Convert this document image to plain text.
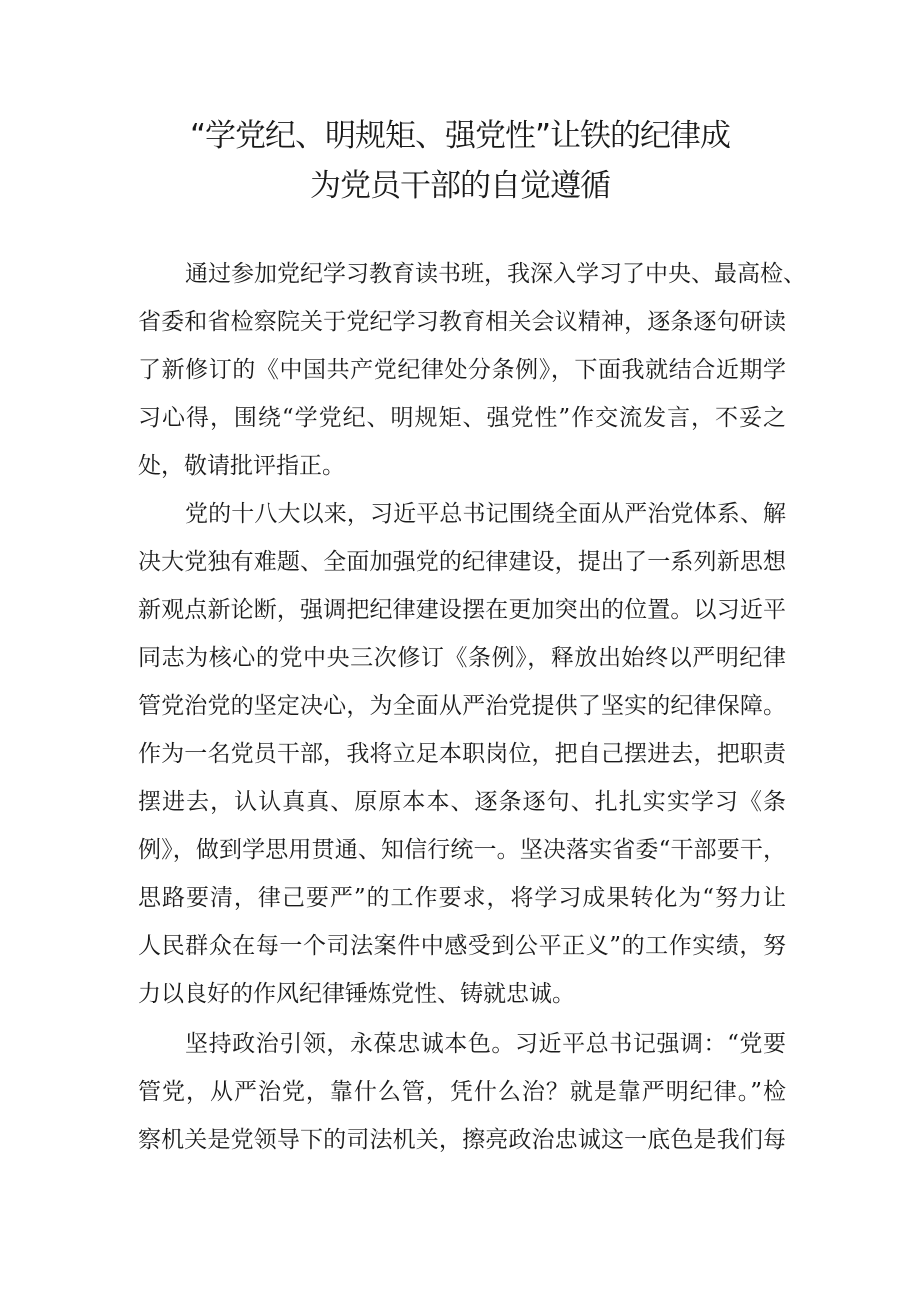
“学党纪、明规矩、强党性”让铁的纪律成
为党员干部的自觉遵循
通过参加党纪学习教育读书班，我深入学习了中央、最高检、
省委和省检察院关于党纪学习教育相关会议精神，逐条逐句研读
了新修订的《中国共产党纪律处分条例》，下面我就结合近期学
习心得，围绕“学党纪、明规矩、强党性”作交流发言，不妥之
处，敬请批评指正。
党的十八大以来，习近平总书记围绕全面从严治党体系、解
决大党独有难题、全面加强党的纪律建设，提出了一系列新思想
新观点新论断，强调把纪律建设摆在更加突出的位置。以习近平
同志为核心的党中央三次修订《条例》，释放出始终以严明纪律
管党治党的坚定决心，为全面从严治党提供了坚实的纪律保障。
作为一名党员干部，我将立足本职岗位，把自己摆进去，把职责
摆进去，认认真真、原原本本、逐条逐句、扎扎实实学习《条
例》，做到学思用贯通、知信行统一。坚决落实省委“干部要干，
思路要清，律己要严”的工作要求，将学习成果转化为“努力让
人民群众在每一个司法案件中感受到公平正义”的工作实绩，努
力以良好的作风纪律锤炼党性、铸就忠诚。
坚持政治引领，永葆忠诚本色。习近平总书记强调：“党要
管党，从严治党，靠什么管，凭什么治？就是靠严明纪律。”检
察机关是党领导下的司法机关，擦亮政治忠诚这一底色是我们每
